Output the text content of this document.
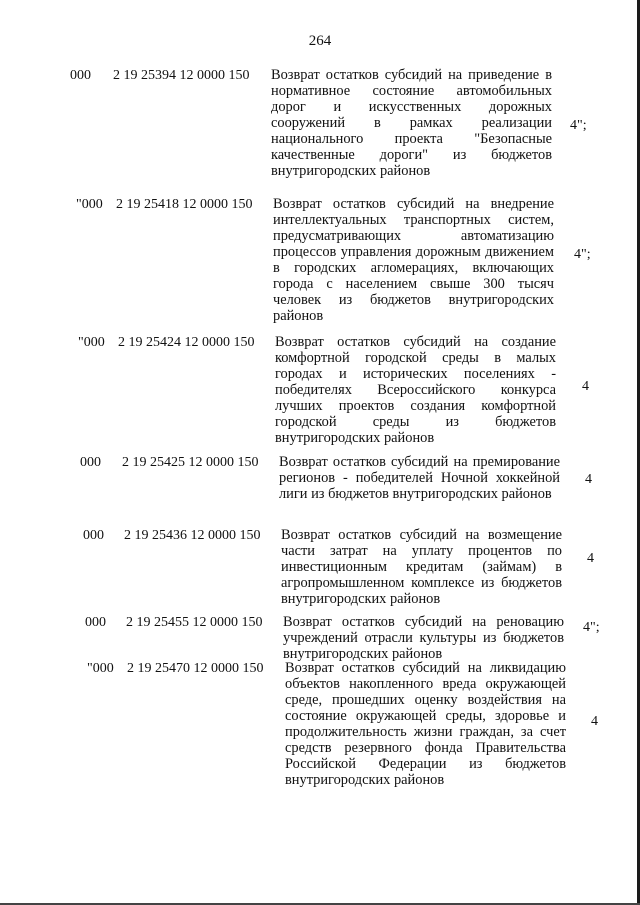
264
000 2 19 25394 12 0000 150 Возврат остатков субсидий на приведение в нормативное состояние автомобильных дорог и искусственных дорожных сооружений в рамках реализации национального проекта "Безопасные качественные дороги" из бюджетов внутригородских районов
4";
"000 2 19 25418 12 0000 150 Возврат остатков субсидий на внедрение интеллектуальных транспортных систем, предусматривающих автоматизацию процессов управления дорожным движением в городских агломерациях, включающих города с населением свыше 300 тысяч человек из бюджетов внутригородских районов
4";
"000 2 19 25424 12 0000 150 Возврат остатков субсидий на создание комфортной городской среды в малых городах и исторических поселениях - победителях Всероссийского конкурса лучших проектов создания комфортной городской среды из бюджетов внутригородских районов
4
000 2 19 25425 12 0000 150 Возврат остатков субсидий на премирование регионов - победителей Ночной хоккейной лиги из бюджетов внутригородских районов
4
000 2 19 25436 12 0000 150 Возврат остатков субсидий на возмещение части затрат на уплату процентов по инвестиционным кредитам (займам) в агропромышленном комплексе из бюджетов внутригородских районов
4
000 2 19 25455 12 0000 150 Возврат остатков субсидий на реновацию учреждений отрасли культуры из бюджетов внутригородских районов
4";
"000 2 19 25470 12 0000 150 Возврат остатков субсидий на ликвидацию объектов накопленного вреда окружающей среде, прошедших оценку воздействия на состояние окружающей среды, здоровье и продолжительность жизни граждан, за счет средств резервного фонда Правительства Российской Федерации из бюджетов внутригородских районов
4
